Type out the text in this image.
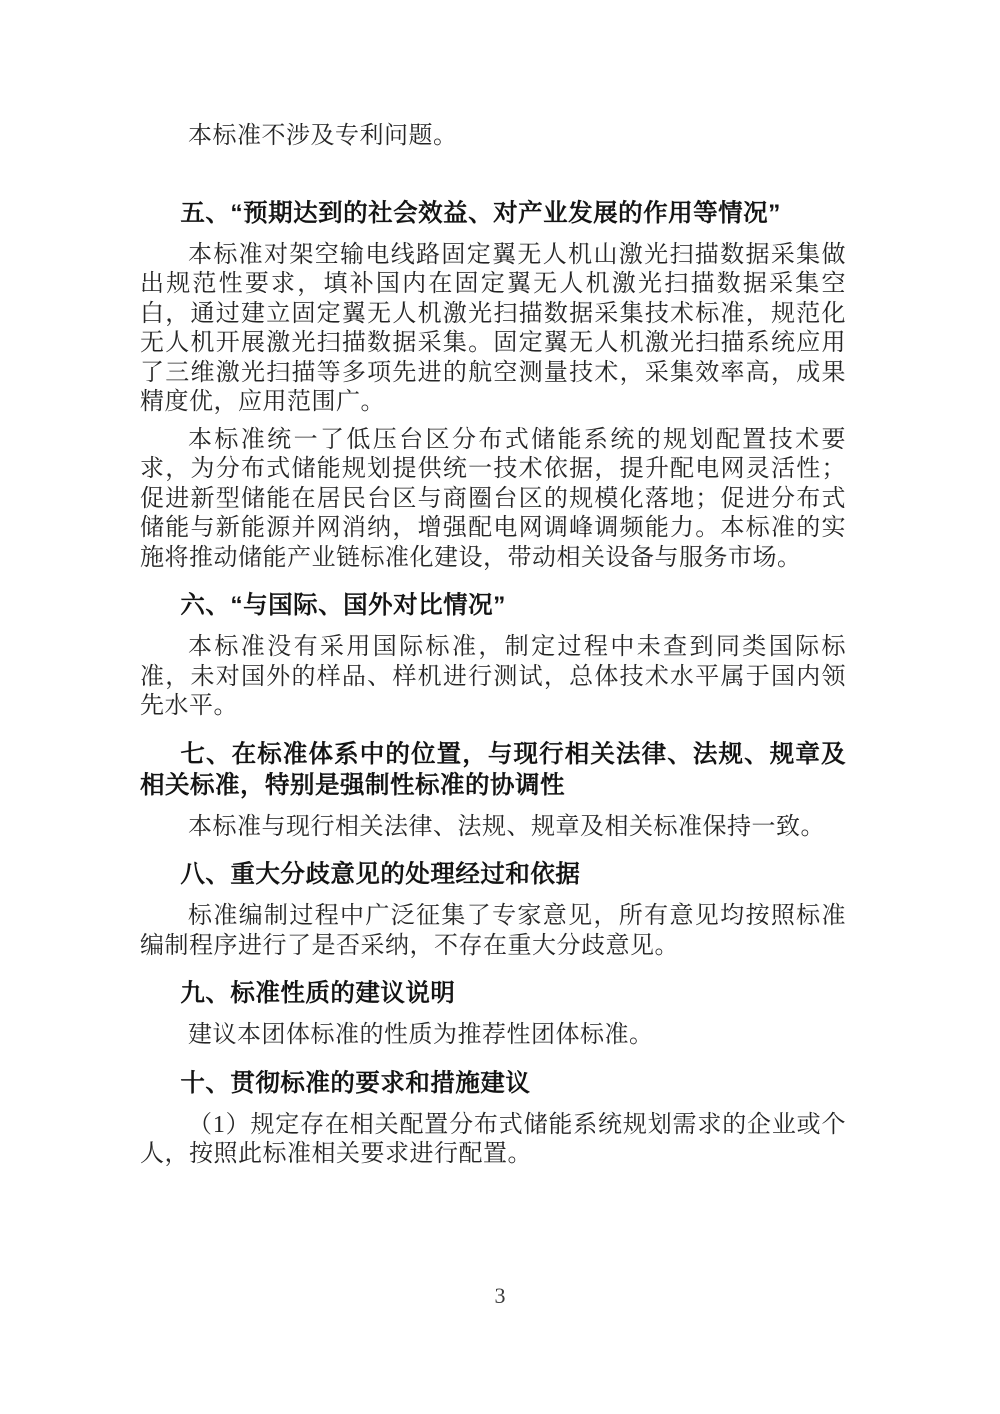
本标准不涉及专利问题。

五、“预期达到的社会效益、对产业发展的作用等情况”

本标准对架空输电线路固定翼无人机山激光扫描数据采集做出规范性要求，填补国内在固定翼无人机激光扫描数据采集空白，通过建立固定翼无人机激光扫描数据采集技术标准，规范化无人机开展激光扫描数据采集。固定翼无人机激光扫描系统应用了三维激光扫描等多项先进的航空测量技术，采集效率高，成果精度优，应用范围广。

本标准统一了低压台区分布式储能系统的规划配置技术要求，为分布式储能规划提供统一技术依据，提升配电网灵活性；促进新型储能在居民台区与商圈台区的规模化落地；促进分布式储能与新能源并网消纳，增强配电网调峰调频能力。本标准的实施将推动储能产业链标准化建设，带动相关设备与服务市场。

六、“与国际、国外对比情况”

本标准没有采用国际标准，制定过程中未查到同类国际标准，未对国外的样品、样机进行测试，总体技术水平属于国内领先水平。

七、在标准体系中的位置，与现行相关法律、法规、规章及相关标准，特别是强制性标准的协调性

本标准与现行相关法律、法规、规章及相关标准保持一致。

八、重大分歧意见的处理经过和依据

标准编制过程中广泛征集了专家意见，所有意见均按照标准编制程序进行了是否采纳，不存在重大分歧意见。

九、标准性质的建议说明

建议本团体标准的性质为推荐性团体标准。

十、贯彻标准的要求和措施建议

（1）规定存在相关配置分布式储能系统规划需求的企业或个人，按照此标准相关要求进行配置。

3
